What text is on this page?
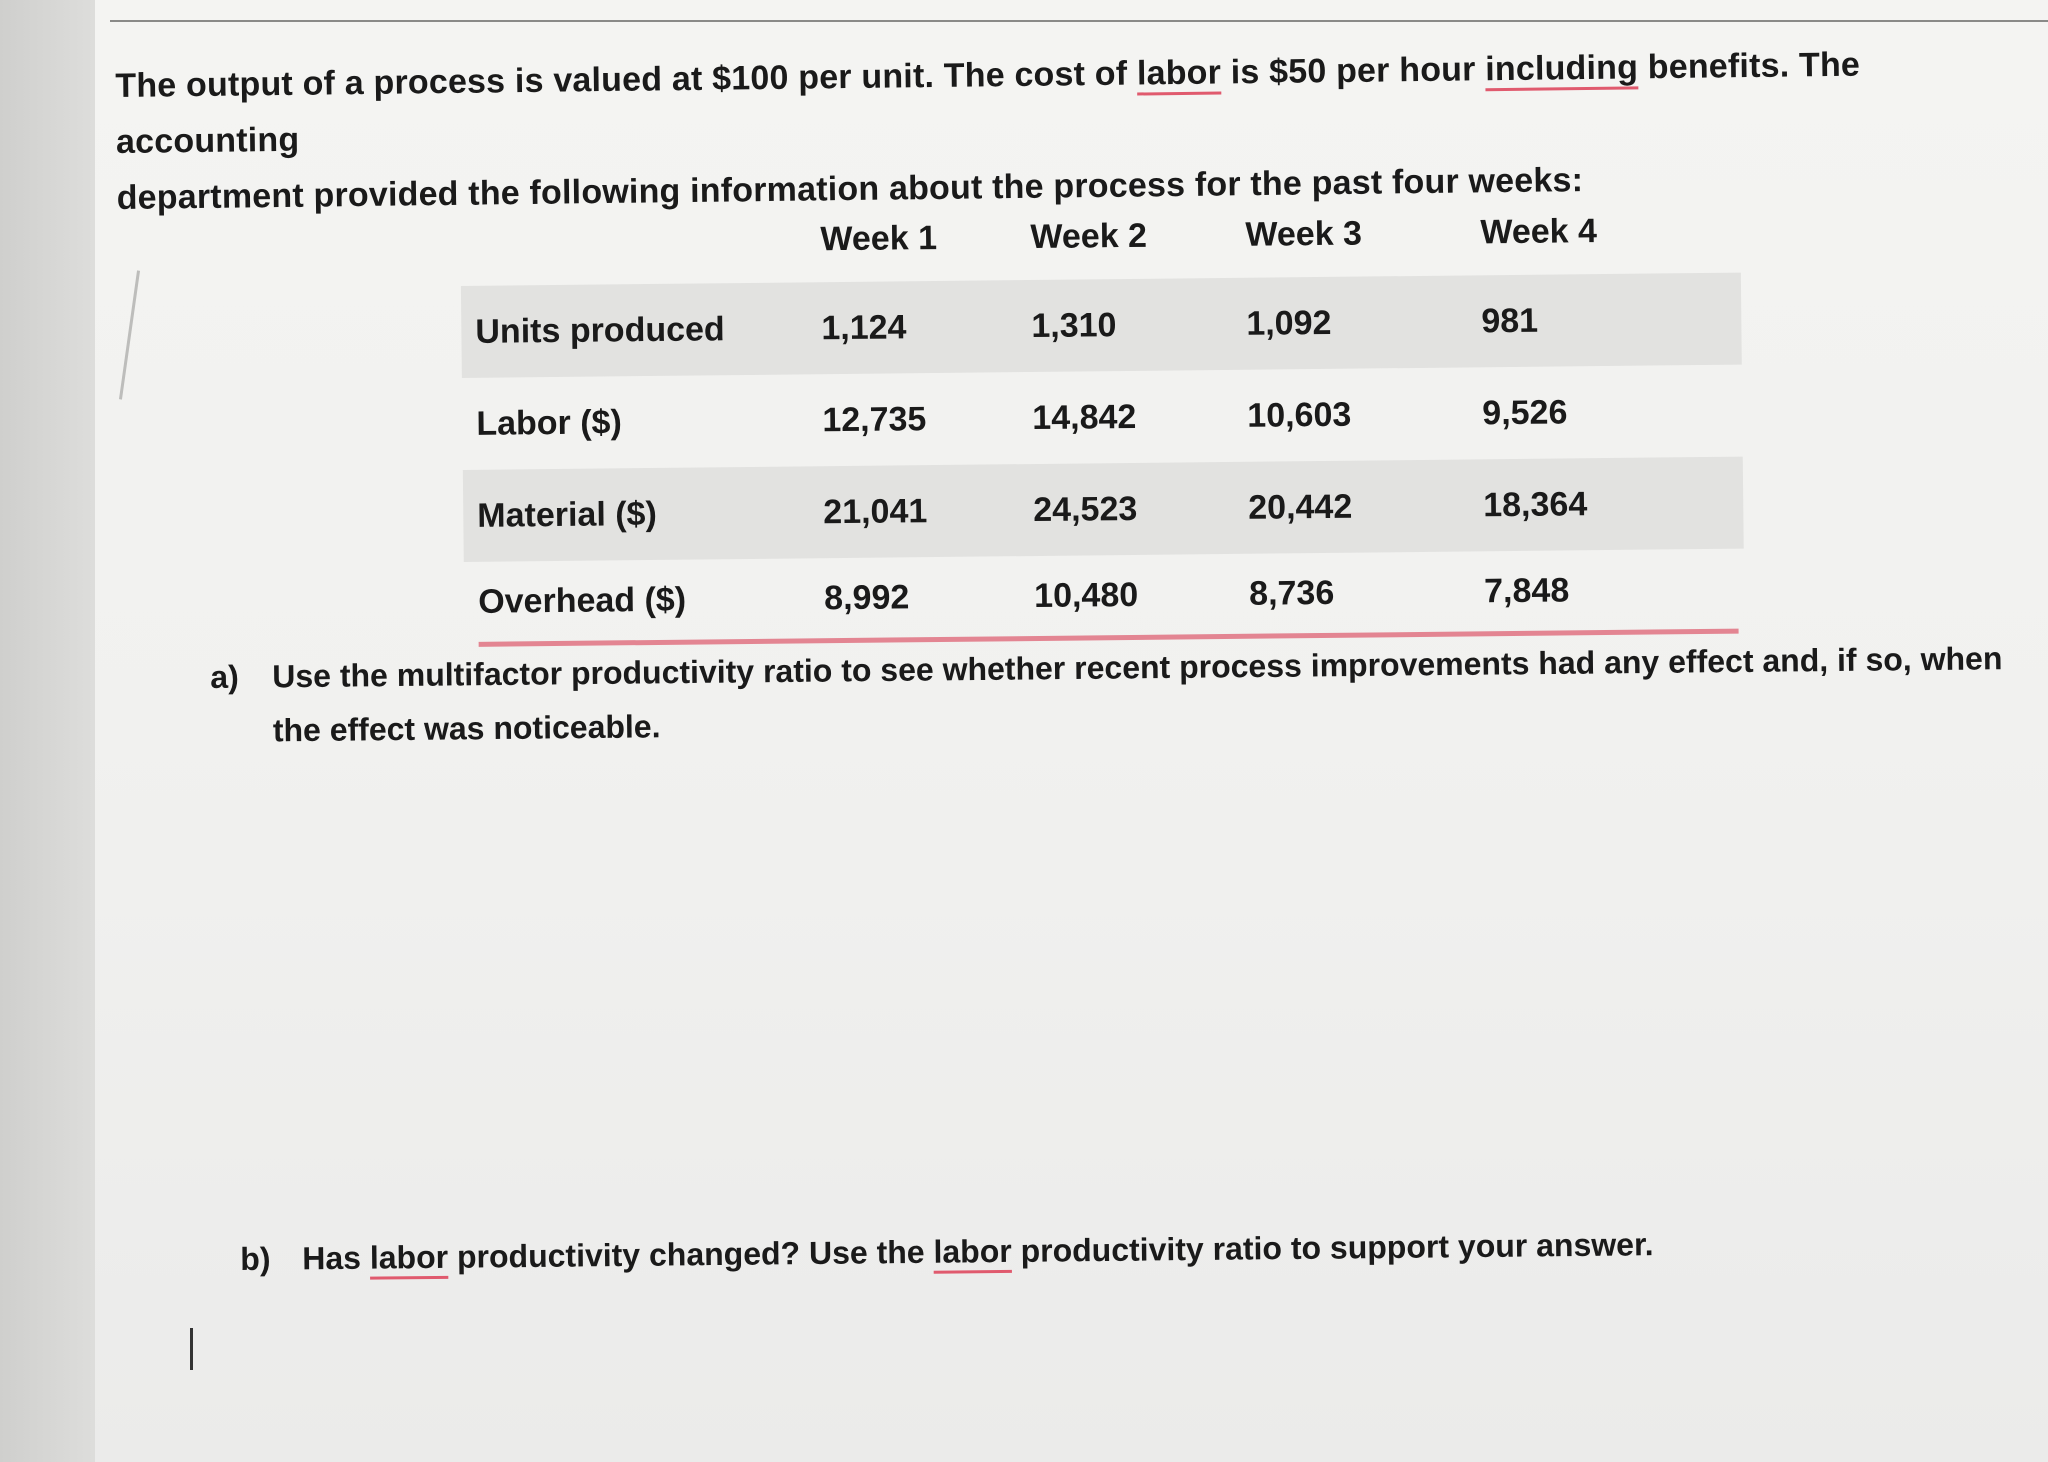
The output of a process is valued at $100 per unit. The cost of labor is $50 per hour including benefits. The accounting
department provided the following information about the process for the past four weeks:
Week 1	Week 2	Week 3	Week 4
Units produced	1,124	1,310	1,092	981
Labor ($)	12,735	14,842	10,603	9,526
Material ($)	21,041	24,523	20,442	18,364
Overhead ($)	8,992	10,480	8,736	7,848
a) Use the multifactor productivity ratio to see whether recent process improvements had any effect and, if so, when
the effect was noticeable.
b) Has labor productivity changed? Use the labor productivity ratio to support your answer.
